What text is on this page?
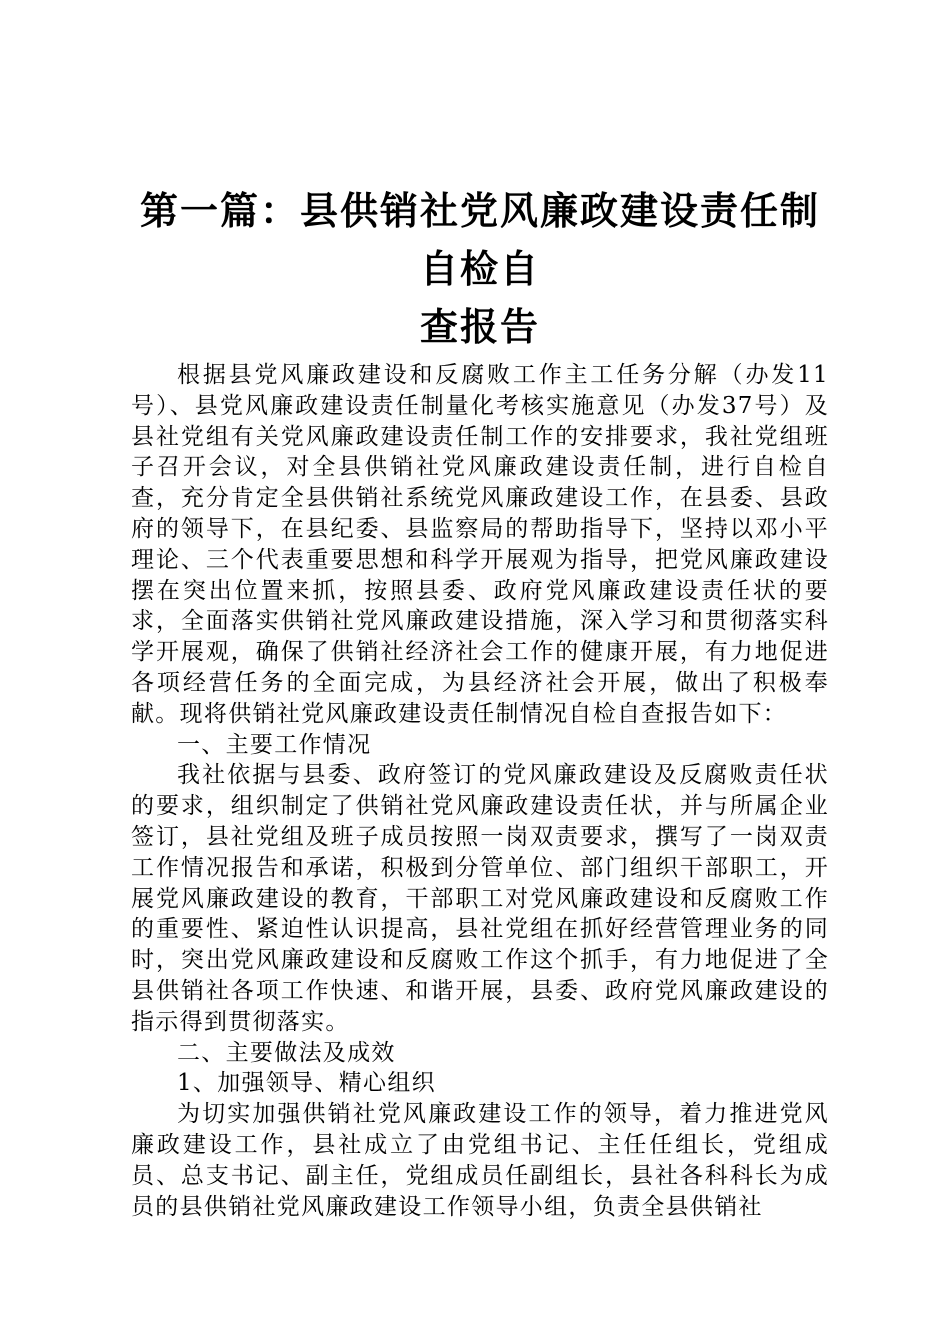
第一篇：县供销社党风廉政建设责任制自检自
查报告

根据县党风廉政建设和反腐败工作主工任务分解（办发11号）、县党风廉政建设责任制量化考核实施意见（办发37号）及县社党组有关党风廉政建设责任制工作的安排要求，我社党组班子召开会议，对全县供销社党风廉政建设责任制，进行自检自查，充分肯定全县供销社系统党风廉政建设工作，在县委、县政府的领导下，在县纪委、县监察局的帮助指导下，坚持以邓小平理论、三个代表重要思想和科学开展观为指导，把党风廉政建设摆在突出位置来抓，按照县委、政府党风廉政建设责任状的要求，全面落实供销社党风廉政建设措施，深入学习和贯彻落实科学开展观，确保了供销社经济社会工作的健康开展，有力地促进各项经营任务的全面完成，为县经济社会开展，做出了积极奉献。现将供销社党风廉政建设责任制情况自检自查报告如下：

一、主要工作情况

我社依据与县委、政府签订的党风廉政建设及反腐败责任状的要求，组织制定了供销社党风廉政建设责任状，并与所属企业签订，县社党组及班子成员按照一岗双责要求，撰写了一岗双责工作情况报告和承诺，积极到分管单位、部门组织干部职工，开展党风廉政建设的教育，干部职工对党风廉政建设和反腐败工作的重要性、紧迫性认识提高，县社党组在抓好经营管理业务的同时，突出党风廉政建设和反腐败工作这个抓手，有力地促进了全县供销社各项工作快速、和谐开展，县委、政府党风廉政建设的指示得到贯彻落实。

二、主要做法及成效

1、加强领导、精心组织

为切实加强供销社党风廉政建设工作的领导，着力推进党风廉政建设工作，县社成立了由党组书记、主任任组长，党组成员、总支书记、副主任，党组成员任副组长，县社各科科长为成员的县供销社党风廉政建设工作领导小组，负责全县供销社
